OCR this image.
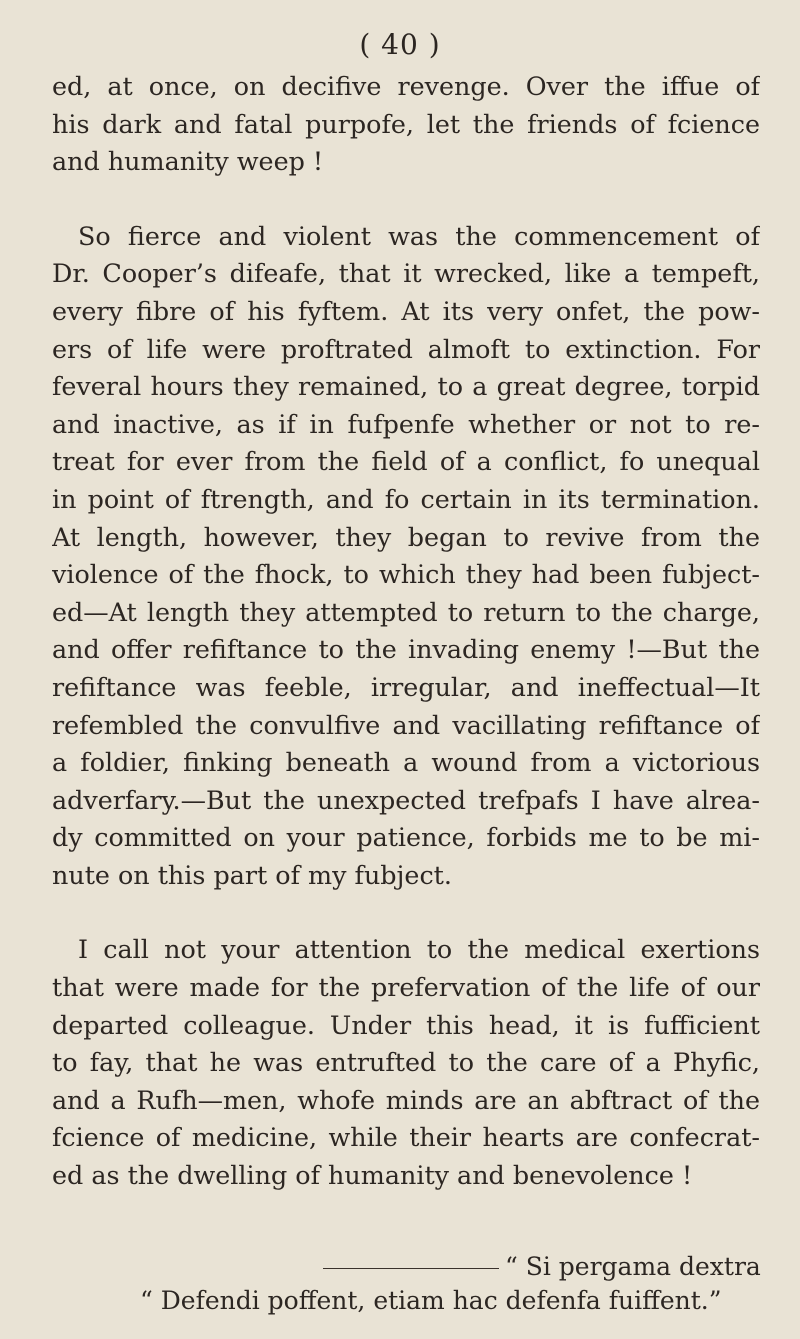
( 40 )
ed, at once, on decifive revenge. Over the iffue of
his dark and fatal purpofe, let the friends of fcience
and humanity weep !
So fierce and violent was the commencement of
Dr. Cooper’s difeafe, that it wrecked, like a tempeft,
every fibre of his fyftem. At its very onfet, the pow-
ers of life were proftrated almoft to extinction. For
feveral hours they remained, to a great degree, torpid
and inactive, as if in fufpenfe whether or not to re-
treat for ever from the field of a conflict, fo unequal
in point of ftrength, and fo certain in its termination.
At length, however, they began to revive from the
violence of the fhock, to which they had been fubject-
ed—At length they attempted to return to the charge,
and offer refiftance to the invading enemy !—But the
refiftance was feeble, irregular, and ineffectual—It
refembled the convulfive and vacillating refiftance of
a foldier, finking beneath a wound from a victorious
adverfary.—But the unexpected trefpafs I have alrea-
dy committed on your patience, forbids me to be mi-
nute on this part of my fubject.
I call not your attention to the medical exertions
that were made for the prefervation of the life of our
departed colleague. Under this head, it is fufficient
to fay, that he was entrufted to the care of a Phyfic,
and a Rufh—men, whofe minds are an abftract of the
fcience of medicine, while their hearts are confecrat-
ed as the dwelling of humanity and benevolence !
“ Si pergama dextra
“ Defendi poffent, etiam hac defenfa fuiffent.”
